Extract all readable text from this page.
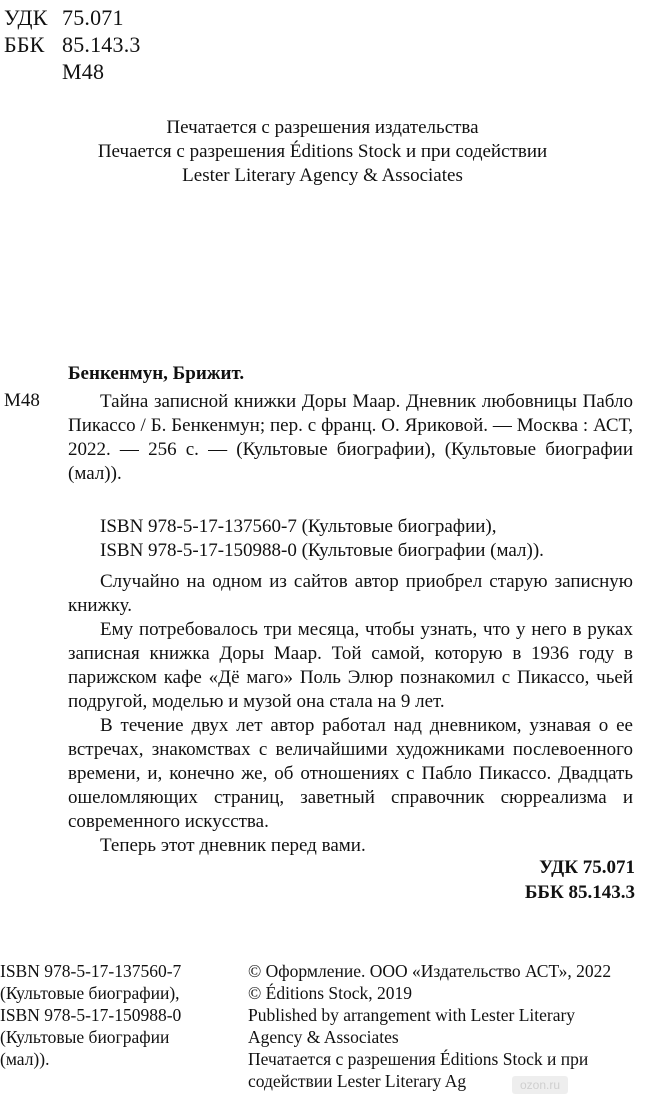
УДК 75.071
ББК 85.143.3
М48
Печатается с разрешения издательства
Печается с разрешения Éditions Stock и при содействии
Lester Literary Agency & Associates
Бенкенмун, Брижит.
М48	Тайна записной книжки Доры Маар. Дневник любовницы Пабло Пикассо / Б. Бенкенмун; пер. с франц. О. Яриковой. — Москва : АСТ, 2022. — 256 с. — (Культовые биографии), (Культовые биографии (мал)).
ISBN 978-5-17-137560-7 (Культовые биографии),
ISBN 978-5-17-150988-0 (Культовые биографии (мал)).

Случайно на одном из сайтов автор приобрел старую записную книжку.

Ему потребовалось три месяца, чтобы узнать, что у него в руках записная книжка Доры Маар. Той самой, которую в 1936 году в парижском кафе «Дё маго» Поль Элюр познакомил с Пикассо, чьей подругой, моделью и музой она стала на 9 лет.

В течение двух лет автор работал над дневником, узнавая о ее встречах, знакомствах с величайшими художниками послевоенного времени, и, конечно же, об отношениях с Пабло Пикассо. Двадцать ошеломляющих страниц, заветный справочник сюрреализма и современного искусства.

Теперь этот дневник перед вами.

УДК 75.071
ББК 85.143.3
ISBN 978-5-17-137560-7
(Культовые биографии),
ISBN 978-5-17-150988-0
(Культовые биографии
(мал)).
© Оформление. ООО «Издательство АСТ», 2022
© Éditions Stock, 2019
Published by arrangement with Lester Literary
Agency & Associates
Печатается с разрешения Éditions Stock и при
содействии Lester Literary Ag	ozon.ru
